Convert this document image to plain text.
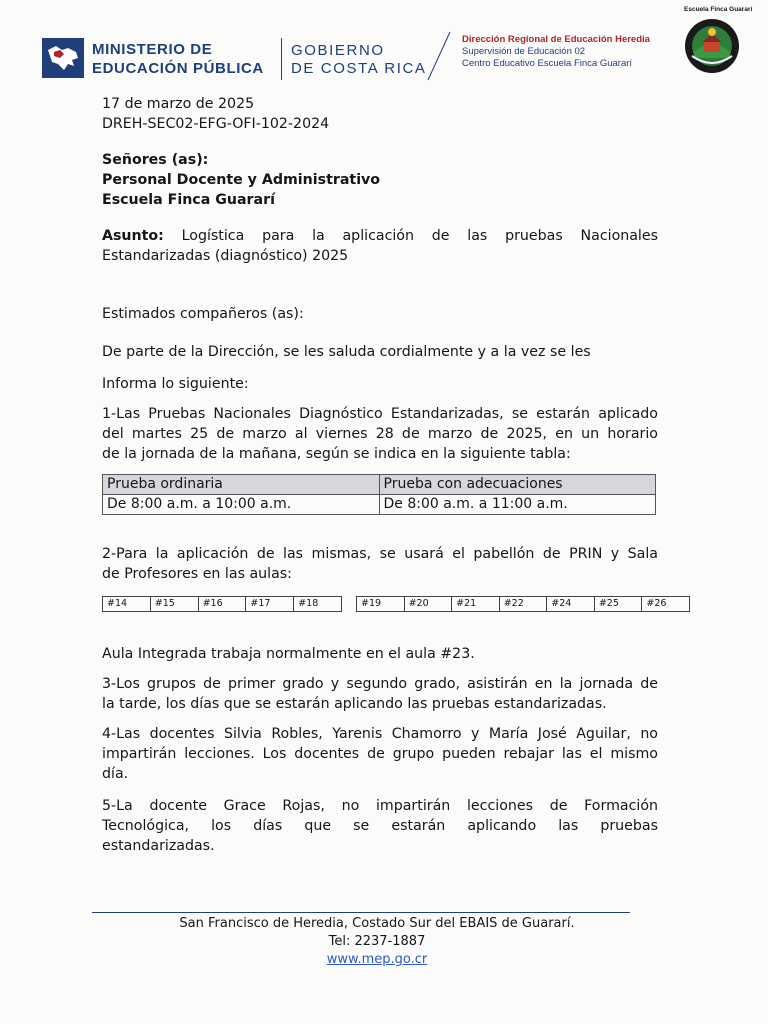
MINISTERIO DE
EDUCACIÓN PÚBLICA
GOBIERNO
DE COSTA RICA
Dirección Regional de Educación Heredia
Supervisión de Educación 02
Centro Educativo Escuela Finca Guararí
Escuela Finca Guararí
17 de marzo de 2025
DREH-SEC02-EFG-OFI-102-2024
Señores (as):
Personal Docente y Administrativo
Escuela Finca Guararí
Asunto: Logística para la aplicación de las pruebas Nacionales
Estandarizadas (diagnóstico) 2025
Estimados compañeros (as):
De parte de la Dirección, se les saluda cordialmente y a la vez se les
Informa lo siguiente:
1-Las Pruebas Nacionales Diagnóstico Estandarizadas, se estarán aplicado
del martes 25 de marzo al viernes 28 de marzo de 2025, en un horario
de la jornada de la mañana, según se indica en la siguiente tabla:
Prueba ordinaria	Prueba con adecuaciones
De 8:00 a.m. a 10:00 a.m.	De 8:00 a.m. a 11:00 a.m.
2-Para la aplicación de las mismas, se usará el pabellón de PRIN y Sala
de Profesores en las aulas:
#14	#15	#16	#17	#18	#19	#20	#21	#22	#24	#25	#26
Aula Integrada trabaja normalmente en el aula #23.
3-Los grupos de primer grado y segundo grado, asistirán en la jornada de
la tarde, los días que se estarán aplicando las pruebas estandarizadas.
4-Las docentes Silvia Robles, Yarenis Chamorro y María José Aguilar, no
impartirán lecciones. Los docentes de grupo pueden rebajar las el mismo
día.
5-La docente Grace Rojas, no impartirán lecciones de Formación
Tecnológica, los días que se estarán aplicando las pruebas
estandarizadas.
San Francisco de Heredia, Costado Sur del EBAIS de Guararí.
Tel: 2237-1887
www.mep.go.cr
